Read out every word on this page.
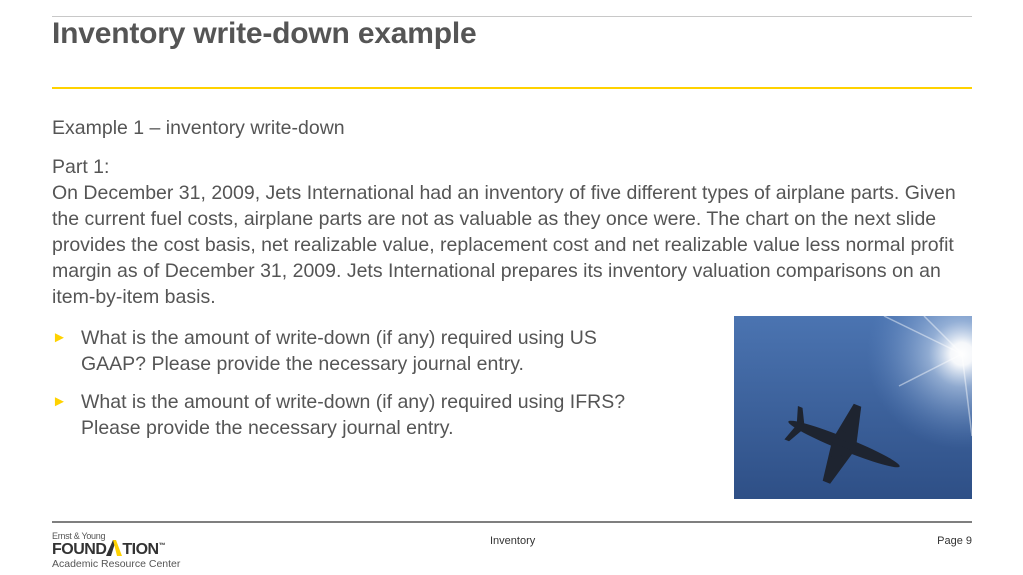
Inventory write-down example
Example 1 – inventory write-down
Part 1:
On December 31, 2009, Jets International had an inventory of five different types of airplane parts. Given the current fuel costs, airplane parts are not as valuable as they once were. The chart on the next slide provides the cost basis, net realizable value, replacement cost and net realizable value less normal profit margin as of December 31, 2009. Jets International prepares its inventory valuation comparisons on an item-by-item basis.
► What is the amount of write-down (if any) required using US GAAP? Please provide the necessary journal entry.
► What is the amount of write-down (if any) required using IFRS? Please provide the necessary journal entry.
Ernst & Young
FOUND TION™
Academic Resource Center
Inventory	Page 9
